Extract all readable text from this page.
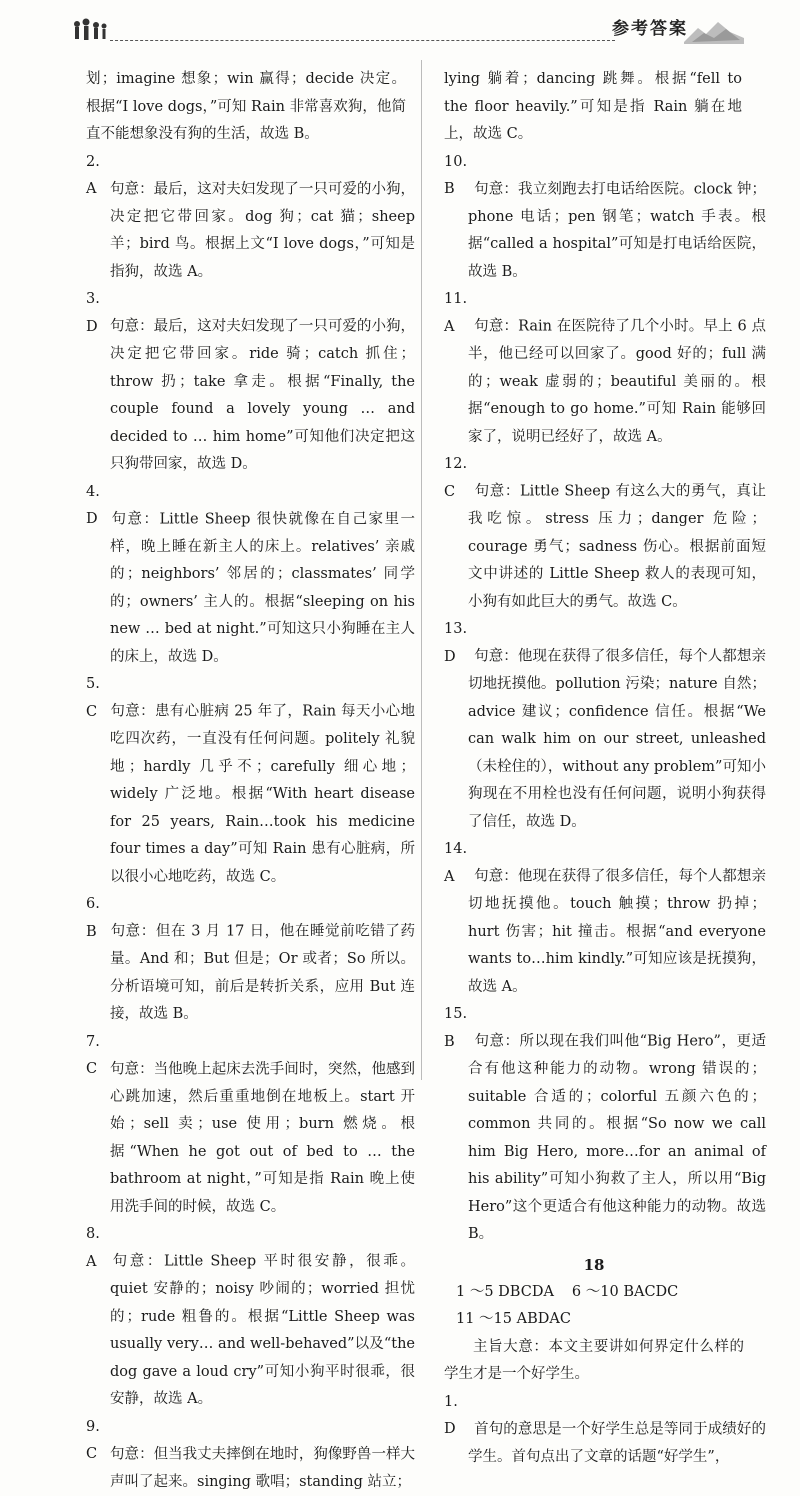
参考答案

划；imagine 想象；win 赢得；decide 决定。根据“I love dogs，”可知 Rain 非常喜欢狗，他简直不能想象没有狗的生活，故选 B。

2. A 句意：最后，这对夫妇发现了一只可爱的小狗，决定把它带回家。dog 狗；cat 猫；sheep 羊；bird 鸟。根据上文“I love dogs，”可知是指狗，故选 A。

3. D 句意：最后，这对夫妇发现了一只可爱的小狗，决定把它带回家。ride 骑；catch 抓住；throw 扔；take 拿走。根据“Finally, the couple found a lovely young … and decided to … him home”可知他们决定把这只狗带回家，故选 D。

4. D 句意：Little Sheep 很快就像在自己家里一样，晚上睡在新主人的床上。relatives’ 亲戚的；neighbors’ 邻居的；classmates’ 同学的；owners’ 主人的。根据“sleeping on his new … bed at night.”可知这只小狗睡在主人的床上，故选 D。

5. C 句意：患有心脏病 25 年了，Rain 每天小心地吃四次药，一直没有任何问题。politely 礼貌地；hardly 几乎不；carefully 细心地；widely 广泛地。根据“With heart disease for 25 years, Rain…took his medicine four times a day”可知 Rain 患有心脏病，所以很小心地吃药，故选 C。

6. B 句意：但在 3 月 17 日，他在睡觉前吃错了药量。And 和；But 但是；Or 或者；So 所以。分析语境可知，前后是转折关系，应用 But 连接，故选 B。

7. C 句意：当他晚上起床去洗手间时，突然，他感到心跳加速，然后重重地倒在地板上。start 开始；sell 卖；use 使用；burn 燃烧。根据“When he got out of bed to … the bathroom at night，”可知是指 Rain 晚上使用洗手间的时候，故选 C。

8. A 句意：Little Sheep 平时很安静，很乖。quiet 安静的；noisy 吵闹的；worried 担忧的；rude 粗鲁的。根据“Little Sheep was usually very… and well-behaved”以及“the dog gave a loud cry”可知小狗平时很乖，很安静，故选 A。

9. C 句意：但当我丈夫摔倒在地时，狗像野兽一样大声叫了起来。singing 歌唱；standing 站立；

lying 躺着；dancing 跳舞。根据“fell to the floor heavily.”可知是指 Rain 躺在地上，故选 C。

10. B 句意：我立刻跑去打电话给医院。clock 钟；phone 电话；pen 钢笔；watch 手表。根据“called a hospital”可知是打电话给医院，故选 B。

11. A 句意：Rain 在医院待了几个小时。早上 6 点半，他已经可以回家了。good 好的；full 满的；weak 虚弱的；beautiful 美丽的。根据“enough to go home.”可知 Rain 能够回家了，说明已经好了，故选 A。

12. C 句意：Little Sheep 有这么大的勇气，真让我吃惊。stress 压力；danger 危险；courage 勇气；sadness 伤心。根据前面短文中讲述的 Little Sheep 救人的表现可知，小狗有如此巨大的勇气。故选 C。

13. D 句意：他现在获得了很多信任，每个人都想亲切地抚摸他。pollution 污染；nature 自然；advice 建议；confidence 信任。根据“We can walk him on our street, unleashed（未栓住的），without any problem”可知小狗现在不用栓也没有任何问题，说明小狗获得了信任，故选 D。

14. A 句意：他现在获得了很多信任，每个人都想亲切地抚摸他。touch 触摸；throw 扔掉；hurt 伤害；hit 撞击。根据“and everyone wants to…him kindly.”可知应该是抚摸狗，故选 A。

15. B 句意：所以现在我们叫他“Big Hero”，更适合有他这种能力的动物。wrong 错误的；suitable 合适的；colorful 五颜六色的；common 共同的。根据“So now we call him Big Hero, more…for an animal of his ability”可知小狗救了主人，所以用“Big Hero”这个更适合有他这种能力的动物。故选 B。

18

1 ～5 DBCDA 6 ～10 BACDC

11 ～15 ABDAC

主旨大意：本文主要讲如何界定什么样的学生才是一个好学生。

1. D 首句的意思是一个好学生总是等同于成绩好的学生。首句点出了文章的话题“好学生”，
